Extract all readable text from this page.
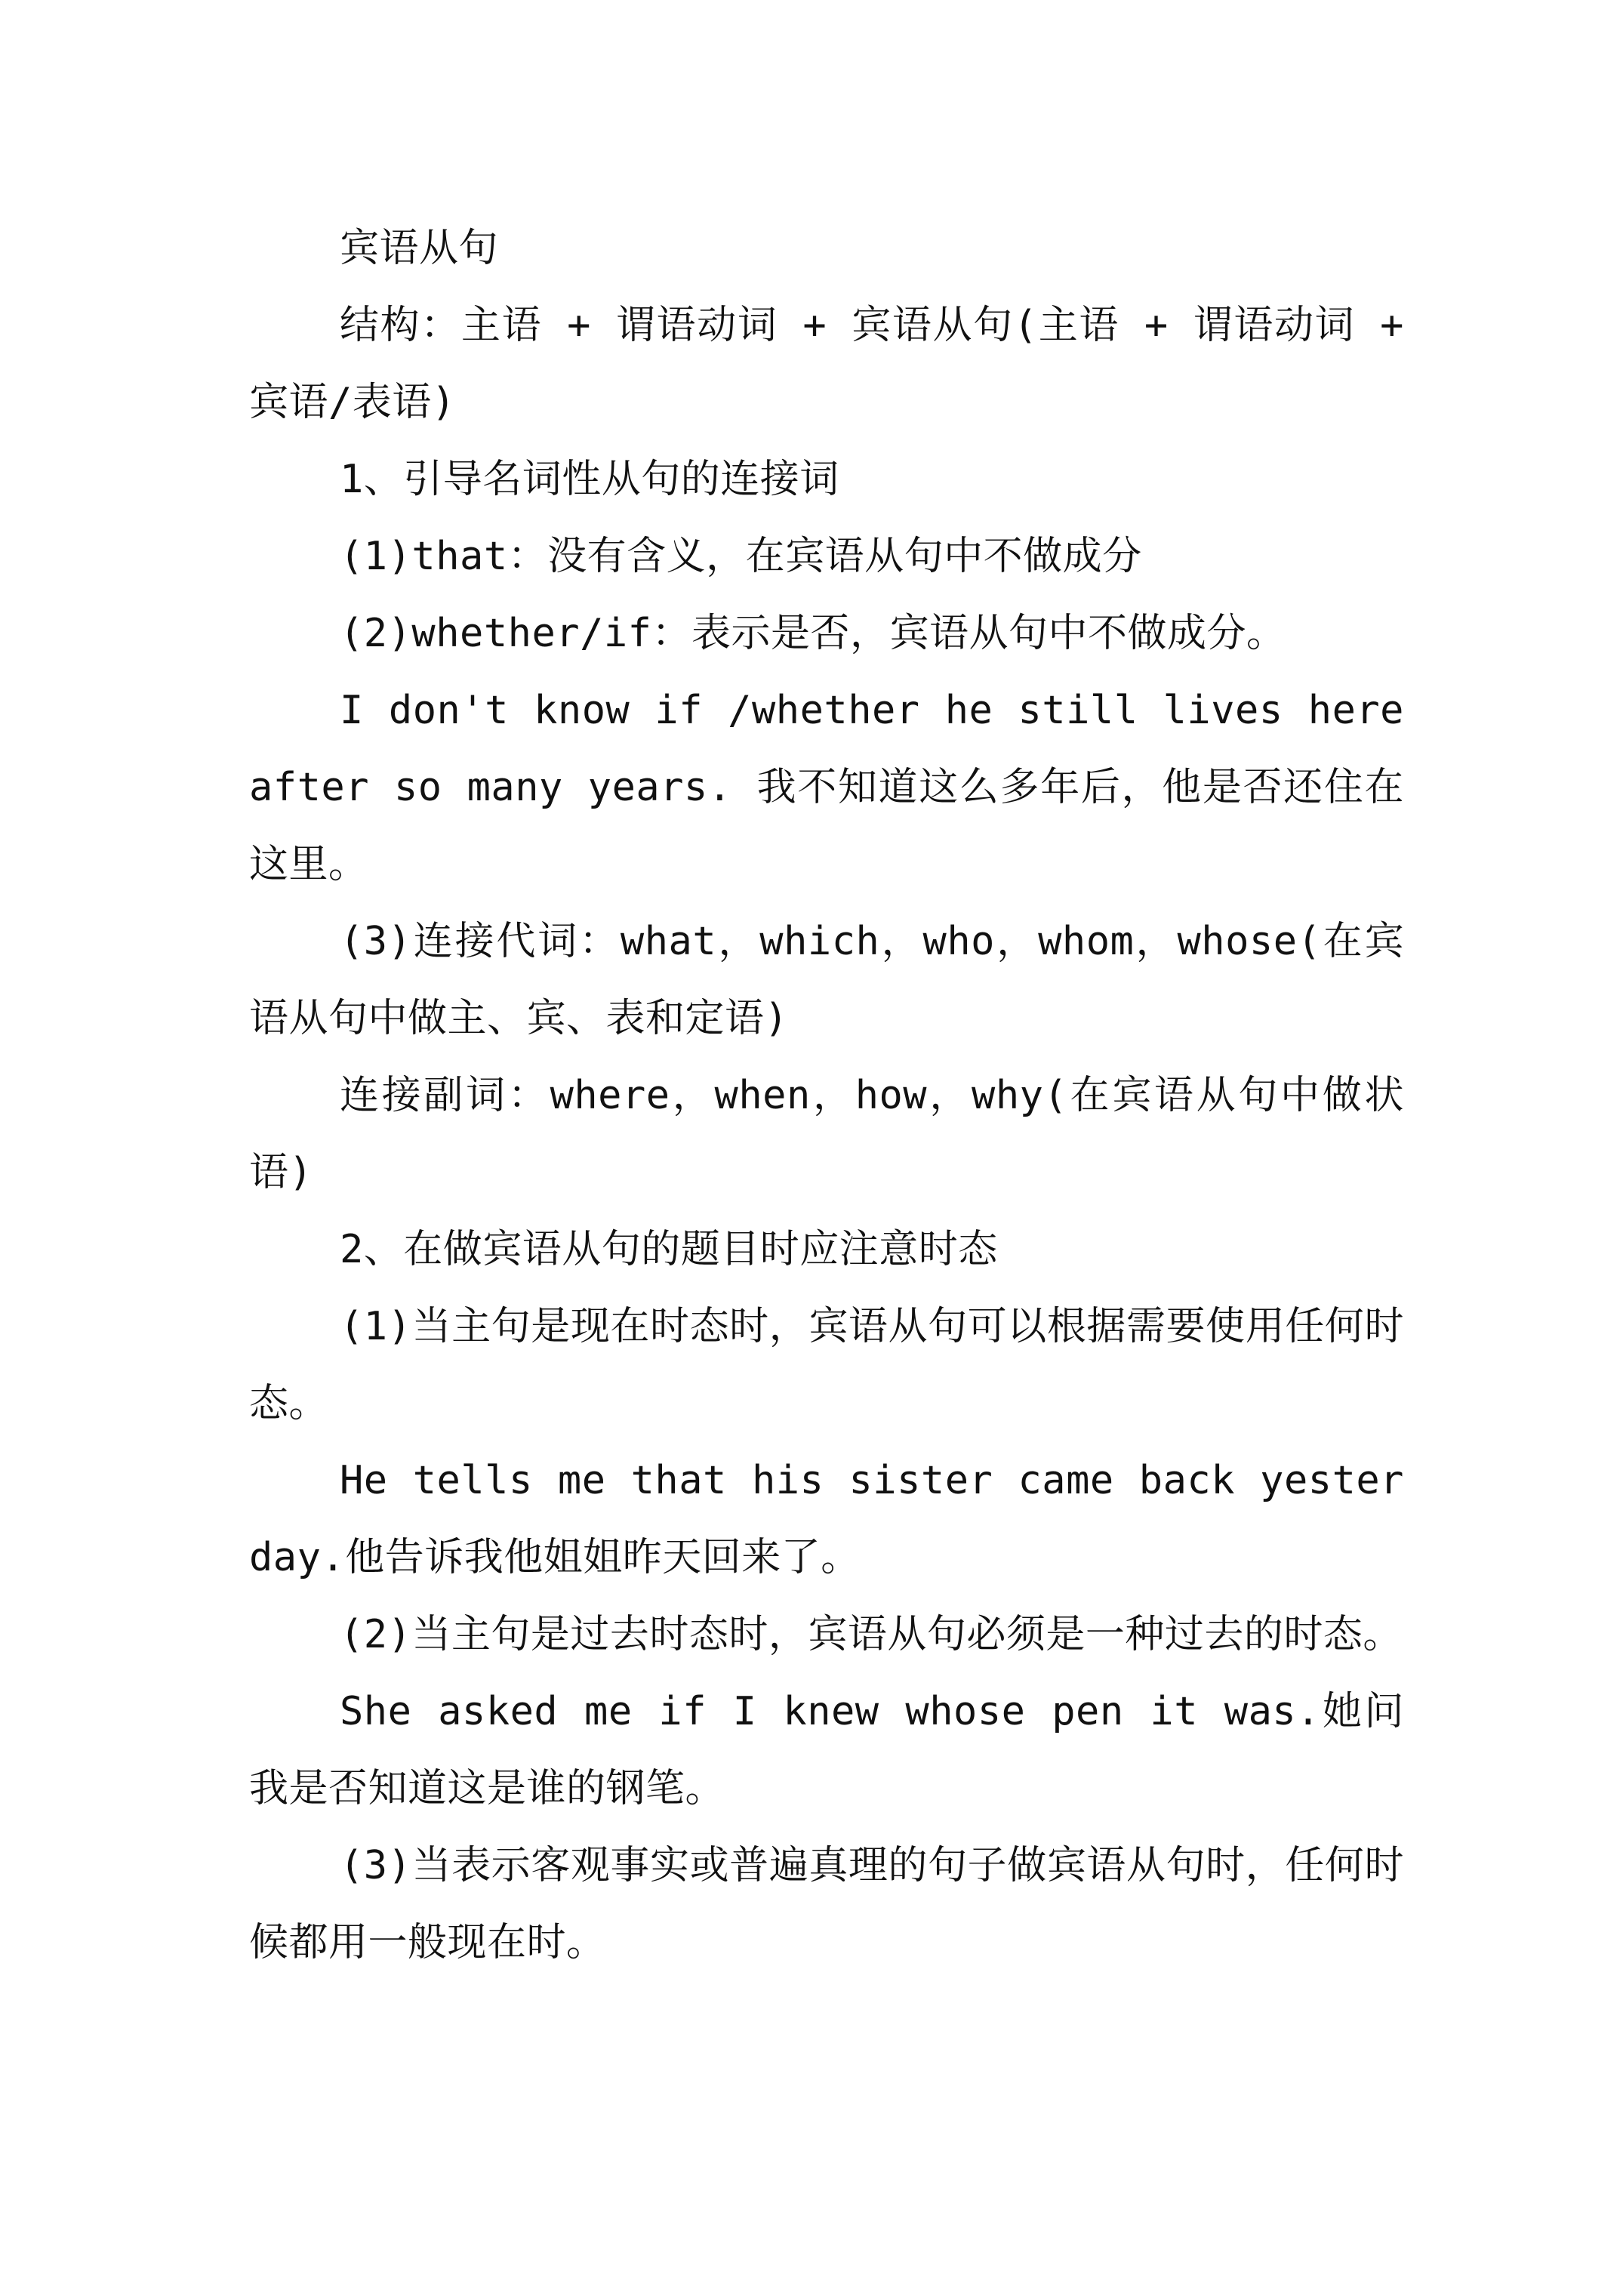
宾语从句

结构：主语 + 谓语动词 + 宾语从句(主语 + 谓语动词 + 宾语/表语)

1、引导名词性从句的连接词

(1)that：没有含义，在宾语从句中不做成分

(2)whether/if：表示是否，宾语从句中不做成分。

I don't know if /whether he still lives here after so many years. 我不知道这么多年后，他是否还住在这里。

(3)连接代词：what，which，who，whom，whose(在宾语从句中做主、宾、表和定语)

连接副词：where，when，how，why(在宾语从句中做状语)

2、在做宾语从句的题目时应注意时态

(1)当主句是现在时态时，宾语从句可以根据需要使用任何时态。

He tells me that his sister came back yesterday.他告诉我他姐姐昨天回来了。

(2)当主句是过去时态时，宾语从句必须是一种过去的时态。

She asked me if I knew whose pen it was.她问我是否知道这是谁的钢笔。

(3)当表示客观事实或普遍真理的句子做宾语从句时，任何时候都用一般现在时。
